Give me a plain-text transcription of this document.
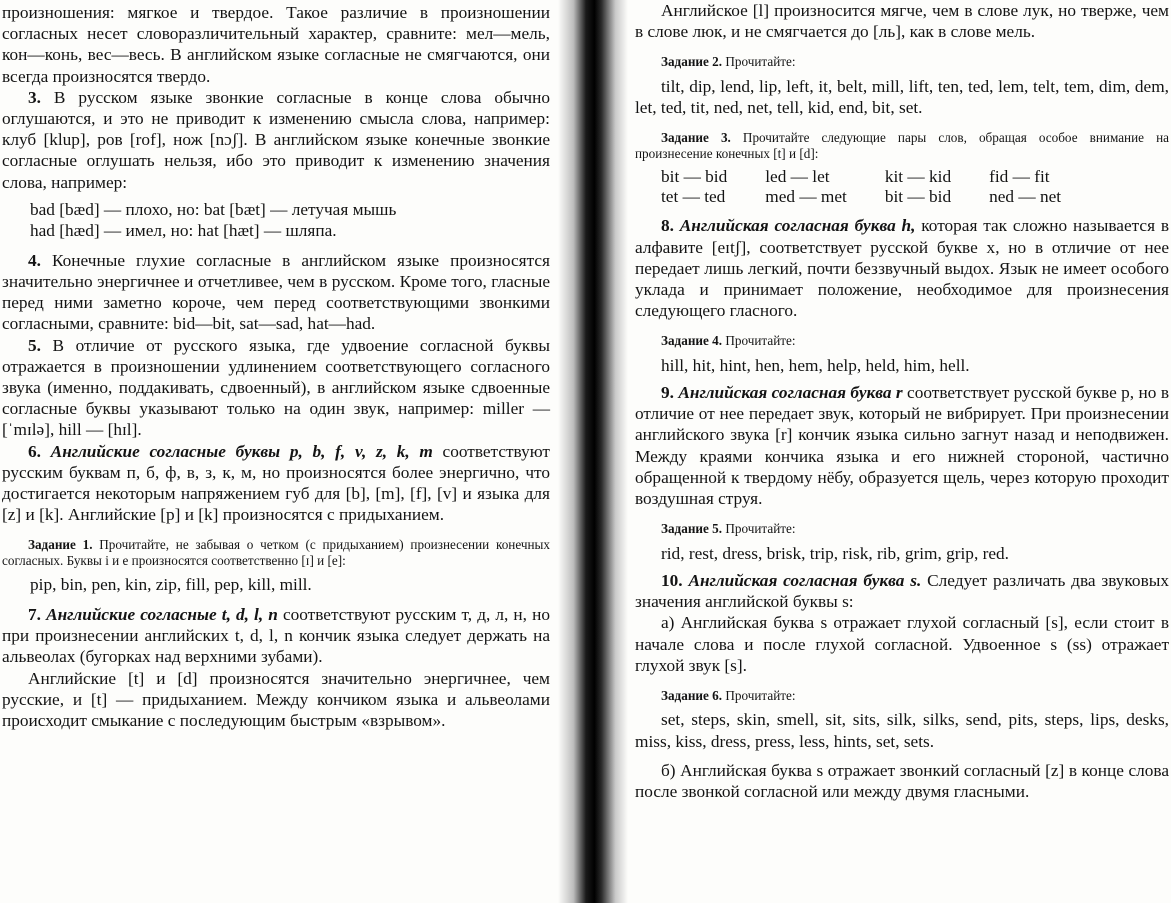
произношения: мягкое и твердое. Такое различие в произношении согласных несет словоразличительный характер, сравните: мел—мель, кон—конь, вес—весь. В английском языке согласные не смягчаются, они всегда произносятся твердо.

3. В русском языке звонкие согласные в конце слова обычно оглушаются, и это не приводит к изменению смысла слова, например: клуб [klup], ров [rof], нож [nɔʃ]. В английском языке конечные звонкие согласные оглушать нельзя, ибо это приводит к изменению значения слова, например:

bad [bæd] — плохо, но: bat [bæt] — летучая мышь
had [hæd] — имел, но: hat [hæt] — шляпа.

4. Конечные глухие согласные в английском языке произносятся значительно энергичнее и отчетливее, чем в русском. Кроме того, гласные перед ними заметно короче, чем перед соответствующими звонкими согласными, сравните: bid—bit, sat—sad, hat—had.

5. В отличие от русского языка, где удвоение согласной буквы отражается в произношении удлинением соответствующего согласного звука (именно, поддакивать, сдвоенный), в английском языке сдвоенные согласные буквы указывают только на один звук, например: miller — [ˈmɪlə], hill — [hɪl].

6. Английские согласные буквы p, b, f, v, z, k, m соответствуют русским буквам п, б, ф, в, з, к, м, но произносятся более энергично, что достигается некоторым напряжением губ для [b], [m], [f], [v] и языка для [z] и [k]. Английские [p] и [k] произносятся с придыханием.

Задание 1. Прочитайте, не забывая о четком (с придыханием) произнесении конечных согласных. Буквы i и e произносятся соответственно [ɪ] и [e]:

pip, bin, pen, kin, zip, fill, pep, kill, mill.

7. Английские согласные t, d, l, n соответствуют русским т, д, л, н, но при произнесении английских t, d, l, n кончик языка следует держать на альвеолах (бугорках над верхними зубами).

Английские [t] и [d] произносятся значительно энергичнее, чем русские, и [t] — придыханием. Между кончиком языка и альвеолами происходит смыкание с последующим быстрым «взрывом».

Английское [l] произносится мягче, чем в слове лук, но тверже, чем в слове люк, и не смягчается до [ль], как в слове мель.

Задание 2. Прочитайте:

tilt, dip, lend, lip, left, it, belt, mill, lift, ten, ted, lem, telt, tem, dim, dem, let, ted, tit, ned, net, tell, kid, end, bit, set.

Задание 3. Прочитайте следующие пары слов, обращая особое внимание на произнесение конечных [t] и [d]:

bit — bid	led — let	kit — kid	fid — fit
tet — ted	med — met	bit — bid	ned — net

8. Английская согласная буква h, которая так сложно называется в алфавите [eɪtʃ], соответствует русской букве х, но в отличие от нее передает лишь легкий, почти беззвучный выдох. Язык не имеет особого уклада и принимает положение, необходимое для произнесения следующего гласного.

Задание 4. Прочитайте:

hill, hit, hint, hen, hem, help, held, him, hell.

9. Английская согласная буква r соответствует русской букве р, но в отличие от нее передает звук, который не вибрирует. При произнесении английского звука [r] кончик языка сильно загнут назад и неподвижен. Между краями кончика языка и его нижней стороной, частично обращенной к твердому нёбу, образуется щель, через которую проходит воздушная струя.

Задание 5. Прочитайте:

rid, rest, dress, brisk, trip, risk, rib, grim, grip, red.

10. Английская согласная буква s. Следует различать два звуковых значения английской буквы s:

а) Английская буква s отражает глухой согласный [s], если стоит в начале слова и после глухой согласной. Удвоенное s (ss) отражает глухой звук [s].

Задание 6. Прочитайте:

set, steps, skin, smell, sit, sits, silk, silks, send, pits, steps, lips, desks, miss, kiss, dress, press, less, hints, set, sets.

б) Английская буква s отражает звонкий согласный [z] в конце слова после звонкой согласной или между двумя гласными.
